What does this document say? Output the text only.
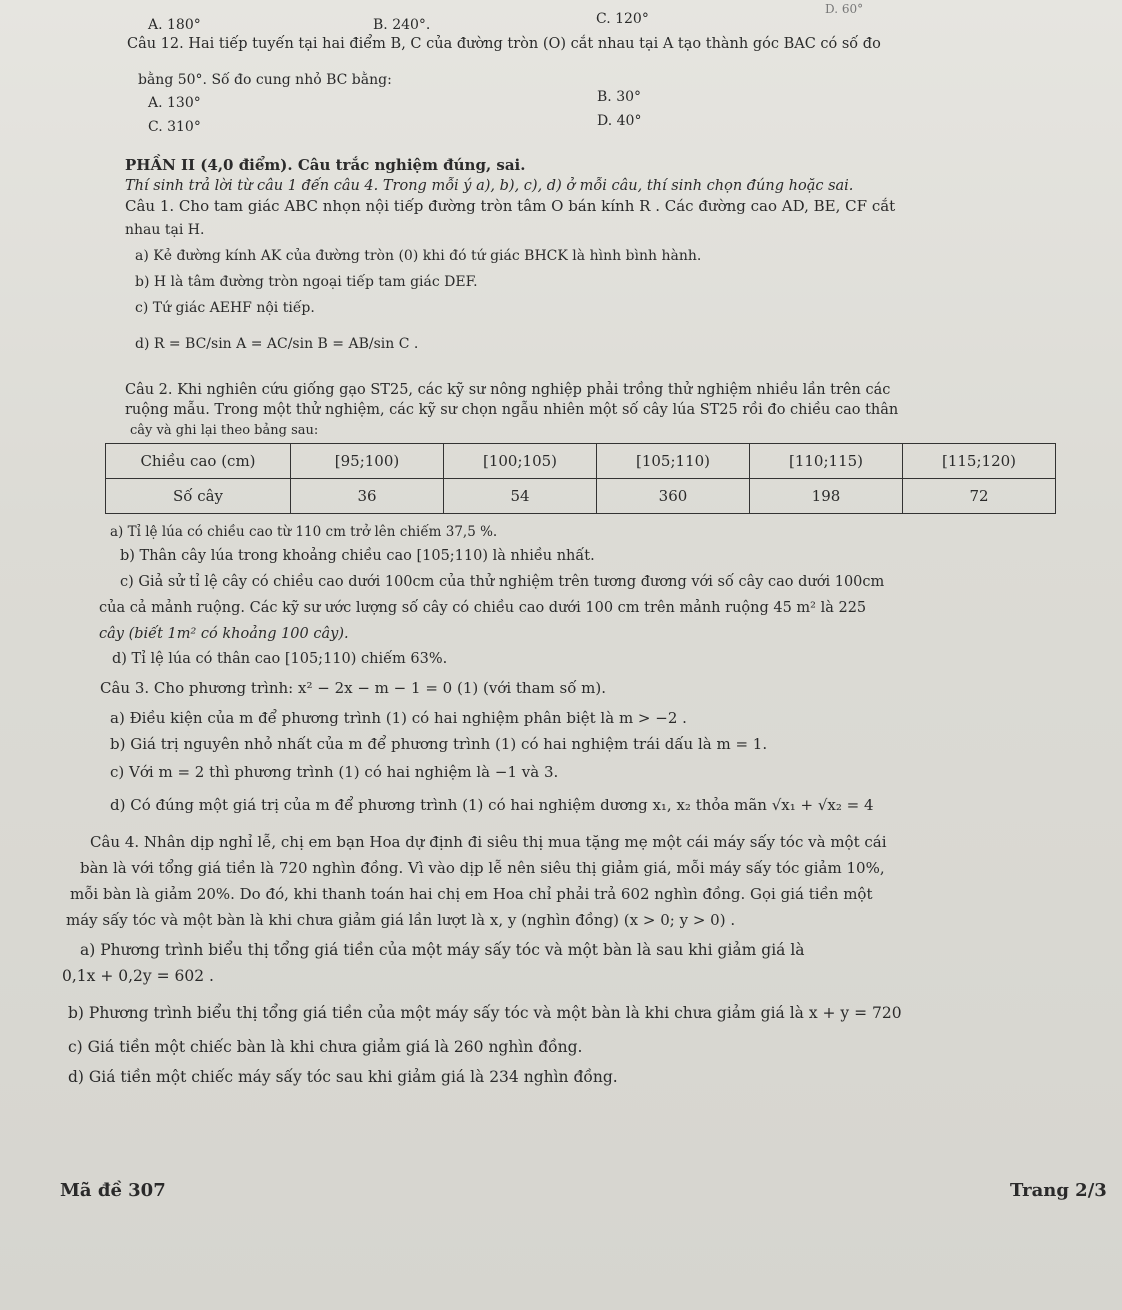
A. 180°	B. 240°.	C. 120°
D. 60°
Câu 12. Hai tiếp tuyến tại hai điểm B, C của đường tròn (O) cắt nhau tại A tạo thành góc BAC có số đo
bằng 50°. Số đo cung nhỏ BC bằng:
A. 130°	B. 30°
C. 310°	D. 40°
PHẦN II (4,0 điểm). Câu trắc nghiệm đúng, sai.
Thí sinh trả lời từ câu 1 đến câu 4. Trong mỗi ý a), b), c), d) ở mỗi câu, thí sinh chọn đúng hoặc sai.
Câu 1. Cho tam giác ABC nhọn nội tiếp đường tròn tâm O bán kính R . Các đường cao AD, BE, CF cắt
nhau tại H.
a) Kẻ đường kính AK của đường tròn (0) khi đó tứ giác BHCK là hình bình hành.
b) H là tâm đường tròn ngoại tiếp tam giác DEF.
c) Tứ giác AEHF nội tiếp.
d) R = BC/sin A = AC/sin B = AB/sin C .
Câu 2. Khi nghiên cứu giống gạo ST25, các kỹ sư nông nghiệp phải trồng thử nghiệm nhiều lần trên các
ruộng mẫu. Trong một thử nghiệm, các kỹ sư chọn ngẫu nhiên một số cây lúa ST25 rồi đo chiều cao thân
cây và ghi lại theo bảng sau:
Chiều cao (cm)	[95;100)	[100;105)	[105;110)	[110;115)	[115;120)
Số cây	36	54	360	198	72
a) Tỉ lệ lúa có chiều cao từ 110 cm trở lên chiếm 37,5 %.
b) Thân cây lúa trong khoảng chiều cao [105;110) là nhiều nhất.
c) Giả sử tỉ lệ cây có chiều cao dưới 100cm của thử nghiệm trên tương đương với số cây cao dưới 100cm
của cả mảnh ruộng. Các kỹ sư ước lượng số cây có chiều cao dưới 100 cm trên mảnh ruộng 45 m² là 225
cây (biết 1m² có khoảng 100 cây).
d) Tỉ lệ lúa có thân cao [105;110) chiếm 63%.
Câu 3. Cho phương trình: x² − 2x − m − 1 = 0 (1) (với tham số m).
a) Điều kiện của m để phương trình (1) có hai nghiệm phân biệt là m > −2 .
b) Giá trị nguyên nhỏ nhất của m để phương trình (1) có hai nghiệm trái dấu là m = 1.
c) Với m = 2 thì phương trình (1) có hai nghiệm là −1 và 3.
d) Có đúng một giá trị của m để phương trình (1) có hai nghiệm dương x₁, x₂ thỏa mãn √x₁ + √x₂ = 4
Câu 4. Nhân dịp nghỉ lễ, chị em bạn Hoa dự định đi siêu thị mua tặng mẹ một cái máy sấy tóc và một cái
bàn là với tổng giá tiền là 720 nghìn đồng. Vì vào dịp lễ nên siêu thị giảm giá, mỗi máy sấy tóc giảm 10%,
mỗi bàn là giảm 20%. Do đó, khi thanh toán hai chị em Hoa chỉ phải trả 602 nghìn đồng. Gọi giá tiền một
máy sấy tóc và một bàn là khi chưa giảm giá lần lượt là x, y (nghìn đồng) (x > 0; y > 0) .
a) Phương trình biểu thị tổng giá tiền của một máy sấy tóc và một bàn là sau khi giảm giá là
0,1x + 0,2y = 602 .
b) Phương trình biểu thị tổng giá tiền của một máy sấy tóc và một bàn là khi chưa giảm giá là x + y = 720
c) Giá tiền một chiếc bàn là khi chưa giảm giá là 260 nghìn đồng.
d) Giá tiền một chiếc máy sấy tóc sau khi giảm giá là 234 nghìn đồng.
Mã đề 307	Trang 2/3
